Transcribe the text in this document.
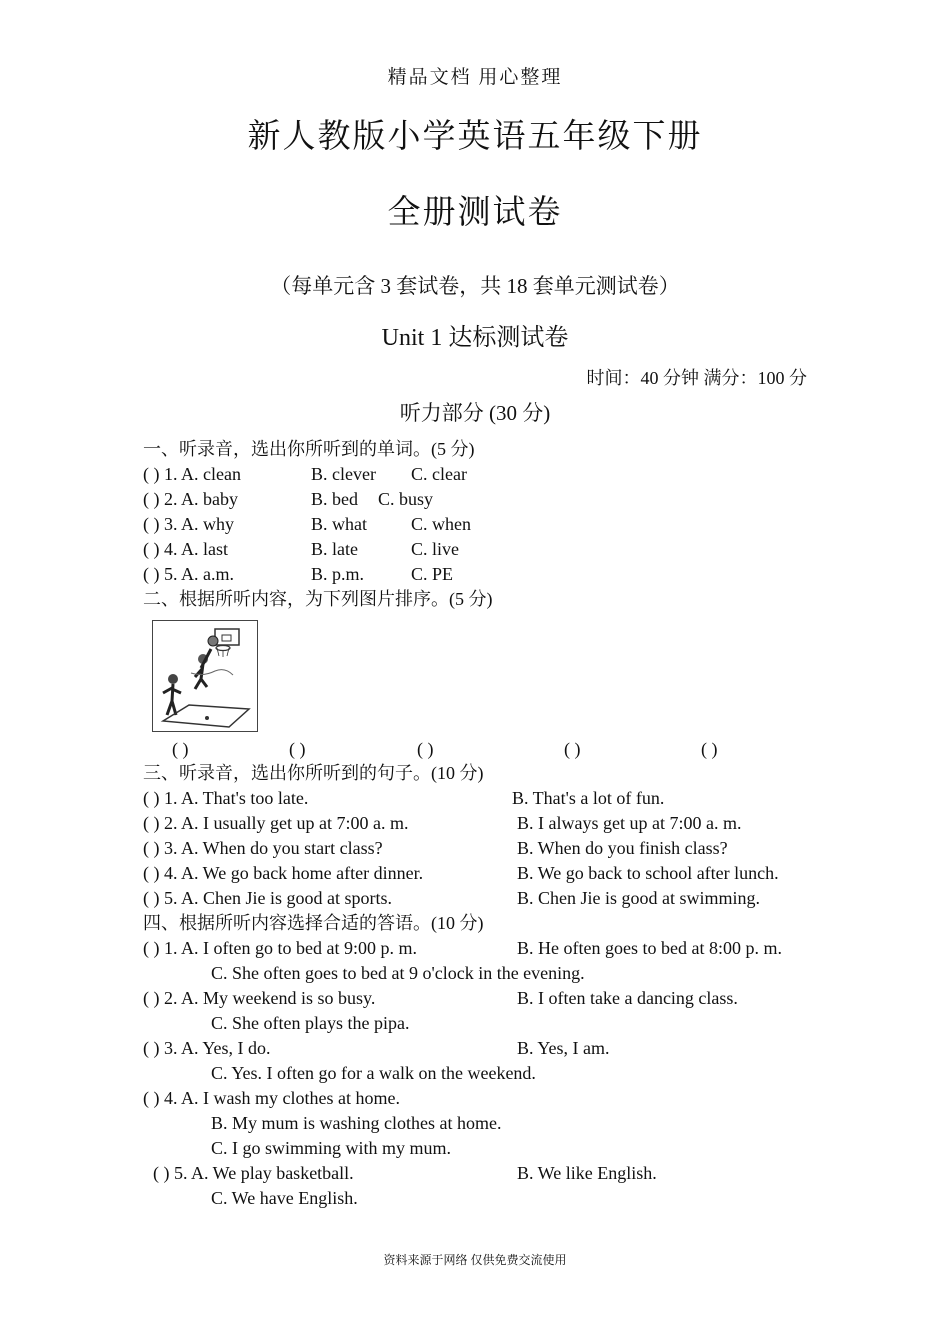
精品文档 用心整理
新人教版小学英语五年级下册
全册测试卷
（每单元含 3 套试卷，共 18 套单元测试卷）
Unit 1 达标测试卷
时间：40 分钟 满分：100 分
听力部分 (30 分)
一、听录音，选出你所听到的单词。(5 分)
( ) 1. A. clean	B. clever C. clear
( ) 2. A. baby	B. bed C. busy
( ) 3. A. why	B. what C. when
( ) 4. A. last	B. late	C. live
( ) 5. A. a.m.	B. p.m.	C. PE
二、根据所听内容，为下列图片排序。(5 分)
( )	( )	( )	( )	( )
三、听录音，选出你所听到的句子。(10 分)
( ) 1. A. That's too late.	B. That's a lot of fun.
( ) 2. A. I usually get up at 7:00 a. m.	B. I always get up at 7:00 a. m.
( ) 3. A. When do you start class?	B. When do you finish class?
( ) 4. A. We go back home after dinner.	B. We go back to school after lunch.
( ) 5. A. Chen Jie is good at sports.	B. Chen Jie is good at swimming.
四、根据所听内容选择合适的答语。(10 分)
( ) 1. A. I often go to bed at 9:00 p. m.	B. He often goes to bed at 8:00 p. m.
C. She often goes to bed at 9 o'clock in the evening.
( ) 2. A. My weekend is so busy.	B. I often take a dancing class.
C. She often plays the pipa.
( ) 3. A. Yes, I do.	B. Yes, I am.
C. Yes. I often go for a walk on the weekend.
( ) 4. A. I wash my clothes at home.
B. My mum is washing clothes at home.
C. I go swimming with my mum.
( ) 5. A. We play basketball.	B. We like English.
C. We have English.
资料来源于网络 仅供免费交流使用
